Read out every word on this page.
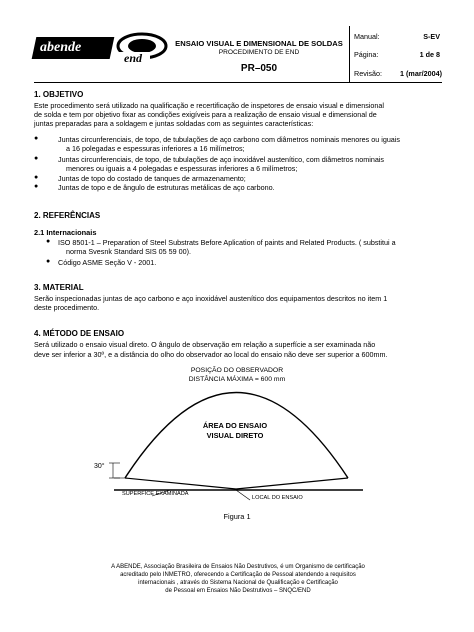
abende
end
ENSAIO VISUAL E DIMENSIONAL DE SOLDAS
PROCEDIMENTO DE END
PR–050
Manual:	S-EV
Página:	1 de 8
Revisão:	1 (mar/2004)
1. OBJETIVO
Este procedimento será utilizado na qualificação e recertificação de inspetores de ensaio visual e dimensional
de solda e tem por objetivo fixar as condições exigíveis para a realização de ensaio visual e dimensional de
juntas preparadas para a soldagem e juntas soldadas com as seguintes características:
●	Juntas circunferenciais, de topo, de tubulações de aço carbono com diâmetros nominais menores ou iguais
a 16 polegadas e espessuras inferiores a 16 milímetros;
●	Juntas circunferenciais, de topo, de tubulações de aço inoxidável austenítico, com diâmetros nominais
menores ou iguais a 4 polegadas e espessuras inferiores a 6 milímetros;
●	Juntas de topo do costado de tanques de armazenamento;
●	Juntas de topo e de ângulo de estruturas metálicas de aço carbono.
2. REFERÊNCIAS
2.1 Internacionais
● ISO 8501-1 – Preparation of Steel Substrats Before Aplication of paints and Related Products. ( substitui a
norma Svesnk Standard SIS 05 59 00).
● Código ASME Seção V - 2001.
3. MATERIAL
Serão inspecionadas juntas de aço carbono e aço inoxidável austenítico dos equipamentos descritos no item 1
deste procedimento.
4. MÉTODO DE ENSAIO
Será utilizado o ensaio visual direto. O ângulo de observação em relação a superfície a ser examinada não
deve ser inferior a 30º, e a distância do olho do observador ao local do ensaio não deve ser superior a 600mm.
POSIÇÃO DO OBSERVADOR
DISTÂNCIA MÁXIMA = 600 mm
ÁREA DO ENSAIO
VISUAL DIRETO
30°
SUPERFÍCE EXAMINADA
LOCAL DO ENSAIO
Figura 1
A ABENDE, Associação Brasileira de Ensaios Não Destrutivos, é um Organismo de certificação
acreditado pelo INMETRO, oferecendo a Certificação de Pessoal atendendo a requisitos
internacionais , através do Sistema Nacional de Qualificação e Certificação
de Pessoal em Ensaios Não Destrutivos – SNQC/END
